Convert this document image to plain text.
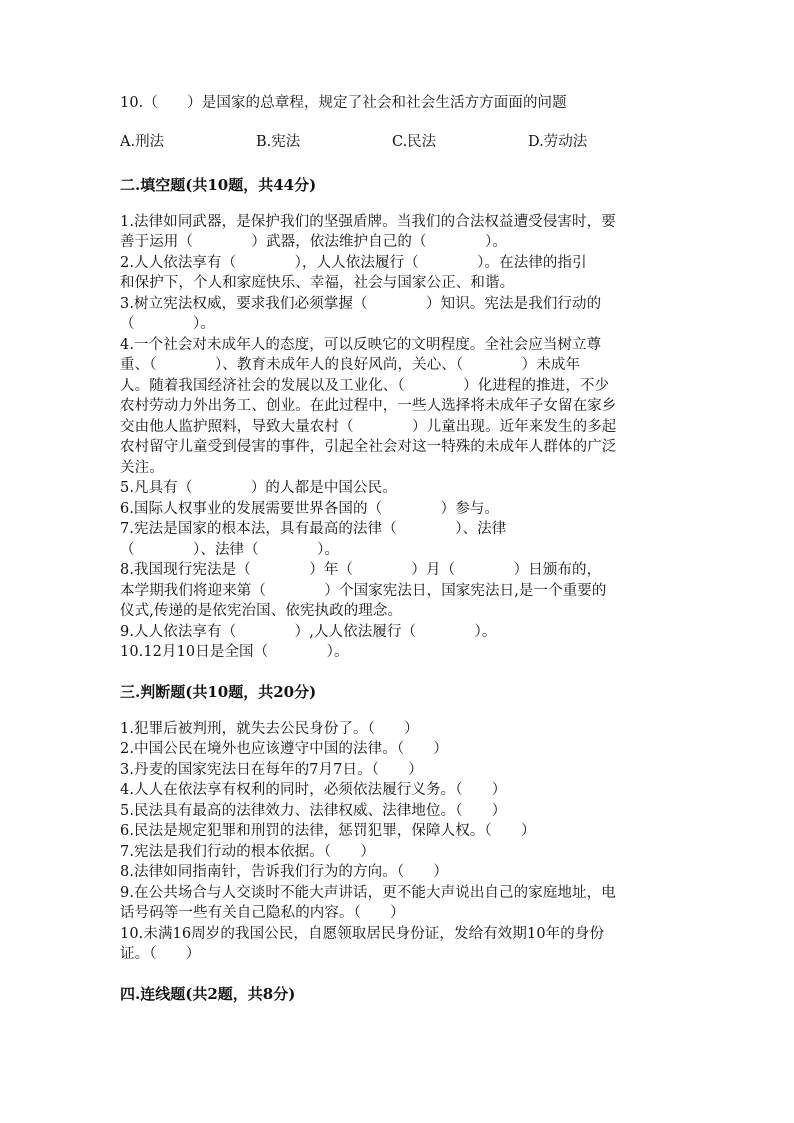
10.（　　）是国家的总章程，规定了社会和社会生活方方面面的问题
A.刑法	B.宪法	C.民法	D.劳动法
二.填空题(共10题，共44分)
1.法律如同武器，是保护我们的坚强盾牌。当我们的合法权益遭受侵害时，要
善于运用（　　　　）武器，依法维护自己的（　　　　）。
2.人人依法享有（　　　　），人人依法履行（　　　　）。在法律的指引
和保护下，个人和家庭快乐、幸福，社会与国家公正、和谐。
3.树立宪法权威，要求我们必须掌握（　　　　）知识。宪法是我们行动的
（　　　　）。
4.一个社会对未成年人的态度，可以反映它的文明程度。全社会应当树立尊
重、（　　　　）、教育未成年人的良好风尚，关心、（　　　　）未成年
人。随着我国经济社会的发展以及工业化、（　　　　）化进程的推进，不少
农村劳动力外出务工、创业。在此过程中，一些人选择将未成年子女留在家乡
交由他人监护照料，导致大量农村（　　　　）儿童出现。近年来发生的多起
农村留守儿童受到侵害的事件，引起全社会对这一特殊的未成年人群体的广泛
关注。
5.凡具有（　　　　）的人都是中国公民。
6.国际人权事业的发展需要世界各国的（　　　　）参与。
7.宪法是国家的根本法，具有最高的法律（　　　　）、法律
（　　　　）、法律（　　　　）。
8.我国现行宪法是（　　　　）年（　　　　）月（　　　　）日颁布的，
本学期我们将迎来第（　　　　）个国家宪法日，国家宪法日,是一个重要的
仪式,传递的是依宪治国、依宪执政的理念。
9.人人依法享有（　　　　）,人人依法履行（　　　　）。
10.12月10日是全国（　　　　）。
三.判断题(共10题，共20分)
1.犯罪后被判刑，就失去公民身份了。（　　）
2.中国公民在境外也应该遵守中国的法律。（　　）
3.丹麦的国家宪法日在每年的7月7日。（　　）
4.人人在依法享有权利的同时，必须依法履行义务。（　　）
5.民法具有最高的法律效力、法律权威、法律地位。（　　）
6.民法是规定犯罪和刑罚的法律，惩罚犯罪，保障人权。（　　）
7.宪法是我们行动的根本依据。（　　）
8.法律如同指南针，告诉我们行为的方向。（　　）
9.在公共场合与人交谈时不能大声讲话，更不能大声说出自己的家庭地址，电
话号码等一些有关自己隐私的内容。（　　）
10.未满16周岁的我国公民，自愿领取居民身份证，发给有效期10年的身份
证。（　　）
四.连线题(共2题，共8分)
